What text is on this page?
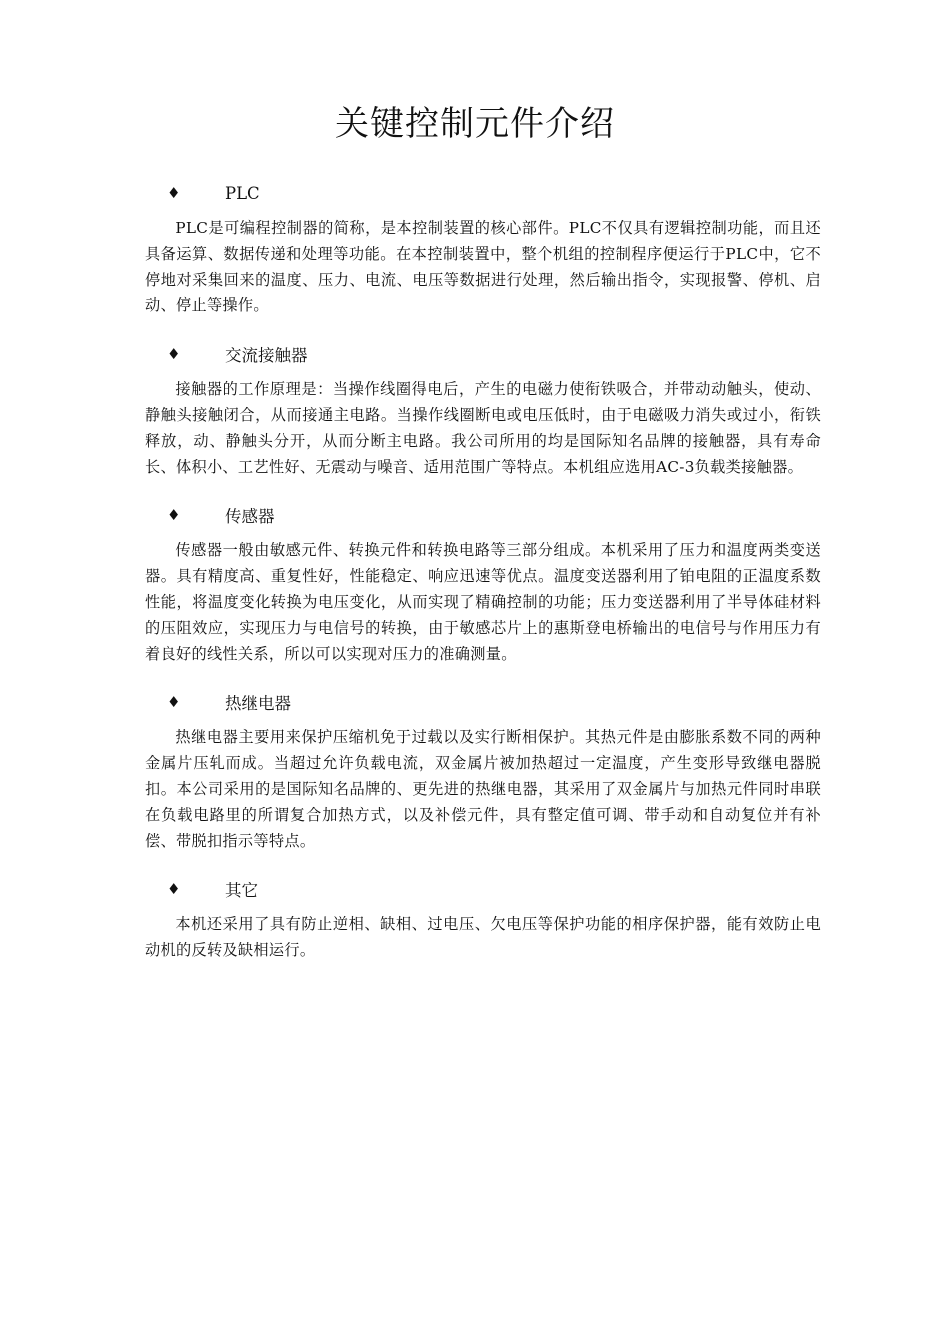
关键控制元件介绍
♦	PLC

PLC是可编程控制器的简称，是本控制装置的核心部件。PLC不仅具有逻辑控制功能，而且还具备运算、数据传递和处理等功能。在本控制装置中，整个机组的控制程序便运行于PLC中，它不停地对采集回来的温度、压力、电流、电压等数据进行处理，然后输出指令，实现报警、停机、启动、停止等操作。

♦	交流接触器

接触器的工作原理是：当操作线圈得电后，产生的电磁力使衔铁吸合，并带动动触头，使动、静触头接触闭合，从而接通主电路。当操作线圈断电或电压低时，由于电磁吸力消失或过小，衔铁释放，动、静触头分开，从而分断主电路。我公司所用的均是国际知名品牌的接触器，具有寿命长、体积小、工艺性好、无震动与噪音、适用范围广等特点。本机组应选用AC-3负载类接触器。

♦	传感器

传感器一般由敏感元件、转换元件和转换电路等三部分组成。本机采用了压力和温度两类变送器。具有精度高、重复性好，性能稳定、响应迅速等优点。温度变送器利用了铂电阻的正温度系数性能，将温度变化转换为电压变化，从而实现了精确控制的功能；压力变送器利用了半导体硅材料的压阻效应，实现压力与电信号的转换，由于敏感芯片上的惠斯登电桥输出的电信号与作用压力有着良好的线性关系，所以可以实现对压力的准确测量。

♦	热继电器

热继电器主要用来保护压缩机免于过载以及实行断相保护。其热元件是由膨胀系数不同的两种金属片压轧而成。当超过允许负载电流，双金属片被加热超过一定温度，产生变形导致继电器脱扣。本公司采用的是国际知名品牌的、更先进的热继电器，其采用了双金属片与加热元件同时串联在负载电路里的所谓复合加热方式，以及补偿元件，具有整定值可调、带手动和自动复位并有补偿、带脱扣指示等特点。

♦	其它

本机还采用了具有防止逆相、缺相、过电压、欠电压等保护功能的相序保护器，能有效防止电动机的反转及缺相运行。
